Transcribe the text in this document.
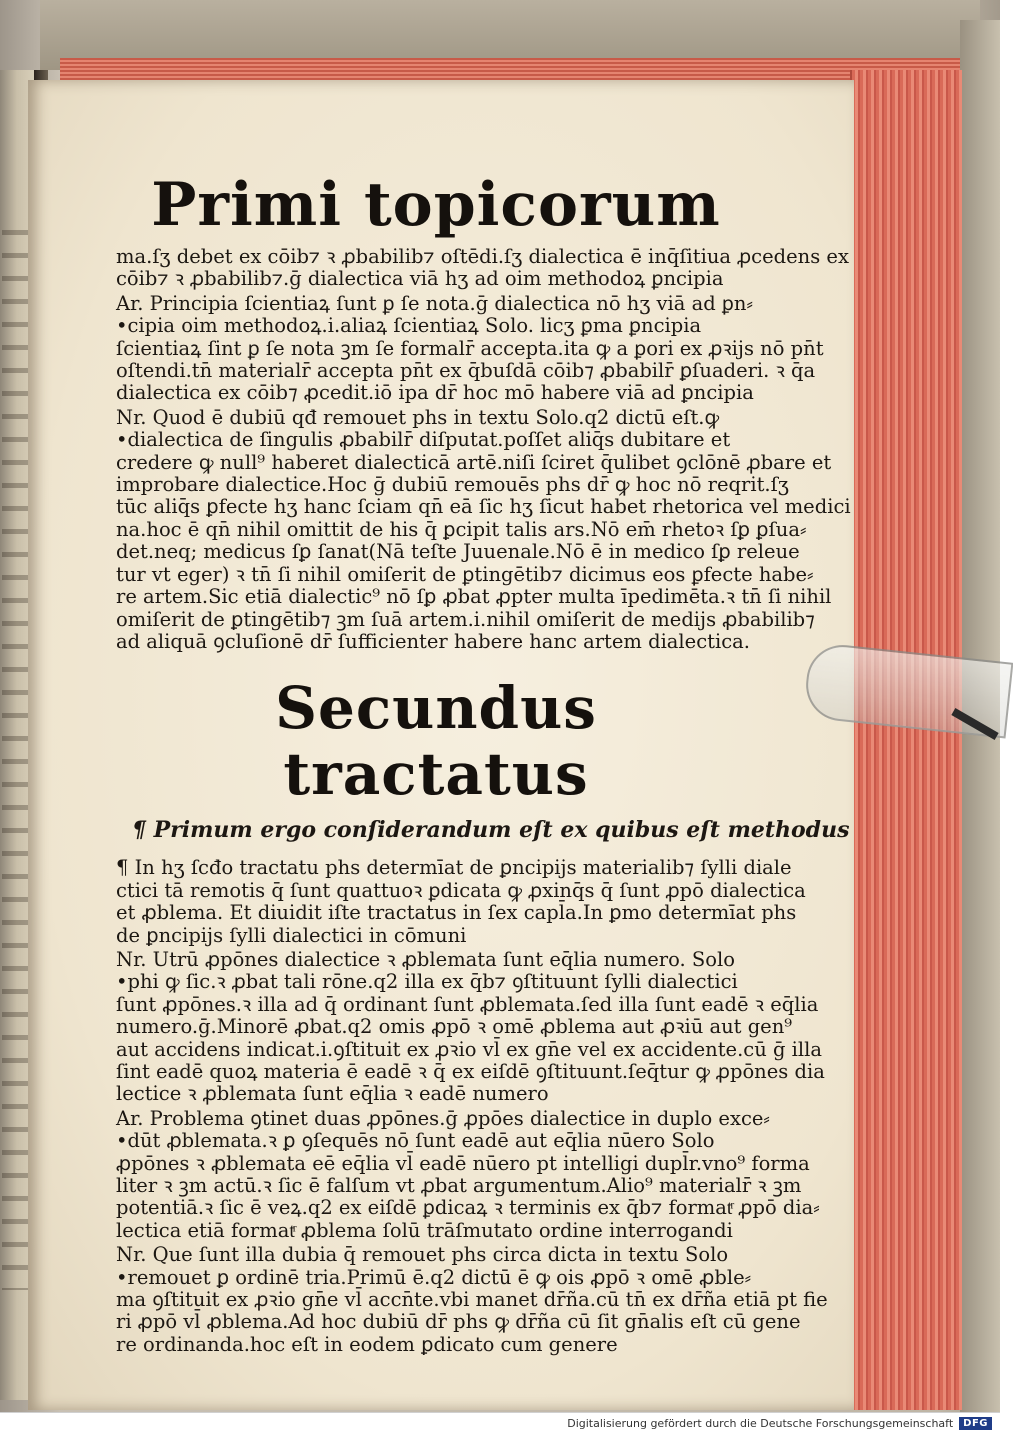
Primi topicorum

ma.ſʒ debet ex cōib⁊ ꝛ ꝓbabilib⁊ oſtēdi.ſʒ dialectica ē inq̄ſitiua ꝓcedens ex

cōib⁊ ꝛ ꝓbabilib⁊.ḡ dialectica viā hʒ ad oim methodoꝝ ꝑncipia

Ar. Principia ſcientiaꝝ ſunt ꝑ ſe nota.ḡ dialectica nō hʒ viā ad ꝑn⸗

•cipia oim methodoꝝ.i.aliaꝝ ſcientiaꝝ Solo. licʒ ꝑma ꝑncipia

ſcientiaꝝ ſint ꝑ ſe nota ꝫm ſe formalr̄ accepta.ita ꝙ a ꝑori ex ꝓꝛijs nō pn̄t

oſtendi.tn̄ materialr̄ accepta pn̄t ex q̄buſdā cōib⁊ ꝓbabilr̄ ꝑſuaderi. ꝛ q̄a

dialectica ex cōib⁊ ꝓcedit.iō ipa dr̄ hoc mō habere viā ad ꝑncipia

Nr. Quod ē dubiū qđ remouet phs in textu Solo.q2 dictū eſt.ꝙ

•dialectica de ſingulis ꝓbabilr̄ diſputat.poſſet aliq̄s dubitare et

credere ꝙ null⁹ haberet dialecticā artē.niſi ſciret q̄ulibet ꝯclōnē ꝓbare et

improbare dialectice.Hoc ḡ dubiū remouēs phs dr̄ ꝙ hoc nō reqrit.ſʒ

tūc aliq̄s ꝑfecte hʒ hanc ſciam qn̄ eā ſic hʒ ſicut habet rhetorica vel medici

na.hoc ē qn̄ nihil omittit de his q̄ ꝑcipit talis ars.Nō em̄ rhetoꝛ ſꝑ ꝑſua⸗

det.neq; medicus ſꝑ ſanat(Nā teſte Juuenale.Nō ē in medico ſꝑ releue

tur vt eger) ꝛ tn̄ ſi nihil omiſerit de ꝑtingētib⁊ dicimus eos ꝑfecte habe⸗

re artem.Sic etiā dialectic⁹ nō ſꝑ ꝓbat ꝓpter multa īpedimēta.ꝛ tn̄ ſi nihil

omiſerit de ꝑtingētib⁊ ꝫm ſuā artem.i.nihil omiſerit de medijs ꝓbabilib⁊

ad aliquā ꝯcluſionē dr̄ ſufficienter habere hanc artem dialectica.

Secundus tractatus
¶ Primum ergo conſiderandum eſt ex quibus eſt methodus

¶ In hʒ ſcđo tractatu phs determīat de ꝑncipijs materialib⁊ ſylli diale

ctici tā remotis q̄ ſunt quattuoꝛ ꝑdicata ꝙ ꝓxinq̄s q̄ ſunt ꝓpō dialectica

et ꝓblema. Et diuidit iſte tractatus in ſex capl̄a.In ꝑmo determīat phs

de ꝑncipijs ſylli dialectici in cōmuni

Nr. Utrū ꝓpōnes dialectice ꝛ ꝓblemata ſunt eq̄lia numero. Solo

•phi ꝙ ſic.ꝛ ꝓbat tali rōne.q2 illa ex q̄b⁊ ꝯſtituunt ſylli dialectici

ſunt ꝓpōnes.ꝛ illa ad q̄ ordinant ſunt ꝓblemata.ſed illa ſunt eadē ꝛ eq̄lia

numero.ḡ.Minorē ꝓbat.q2 omis ꝓpō ꝛ omē ꝓblema aut ꝓꝛiū aut gen⁹

aut accidens indicat.i.ꝯſtituit ex ꝓꝛio vl̄ ex gn̄e vel ex accidente.cū ḡ illa

ſint eadē quoꝝ materia ē eadē ꝛ q̄ ex eiſdē ꝯſtituunt.ſeq̄tur ꝙ ꝓpōnes dia

lectice ꝛ ꝓblemata ſunt eq̄lia ꝛ eadē numero

Ar. Problema ꝯtinet duas ꝓpōnes.ḡ ꝓpōes dialectice in duplo exce⸗

•dūt ꝓblemata.ꝛ ꝑ ꝯſequēs nō ſunt eadē aut eq̄lia nūero Solo

ꝓpōnes ꝛ ꝓblemata eē eq̄lia vl̄ eadē nūero pt intelligi dupl̄r.vno⁹ forma

liter ꝛ ꝫm actū.ꝛ ſic ē falſum vt ꝓbat argumentum.Alio⁹ materialr̄ ꝛ ꝫm

potentiā.ꝛ ſic ē veꝝ.q2 ex eiſdē ꝑdicaꝝ ꝛ terminis ex q̄b⁊ formatͬ ꝓpō dia⸗

lectica etiā formatͬ ꝓblema ſolū trāſmutato ordine interrogandi

Nr. Que ſunt illa dubia q̄ remouet phs circa dicta in textu Solo

•remouet ꝑ ordinē tria.Primū ē.q2 dictū ē ꝙ ois ꝓpō ꝛ omē ꝓble⸗

ma ꝯſtituit ex ꝓꝛio gn̄e vl̄ accn̄te.vbi manet dr̄ña.cū tn̄ ex dr̄ña etiā pt fie

ri ꝓpō vl̄ ꝓblema.Ad hoc dubiū dr̄ phs ꝙ dr̄ña cū ſit gn̄alis eſt cū gene

re ordinanda.hoc eſt in eodem ꝑdicato cum genere

Digitalisierung gefördert durch die Deutsche Forschungsgemeinschaft	DFG
